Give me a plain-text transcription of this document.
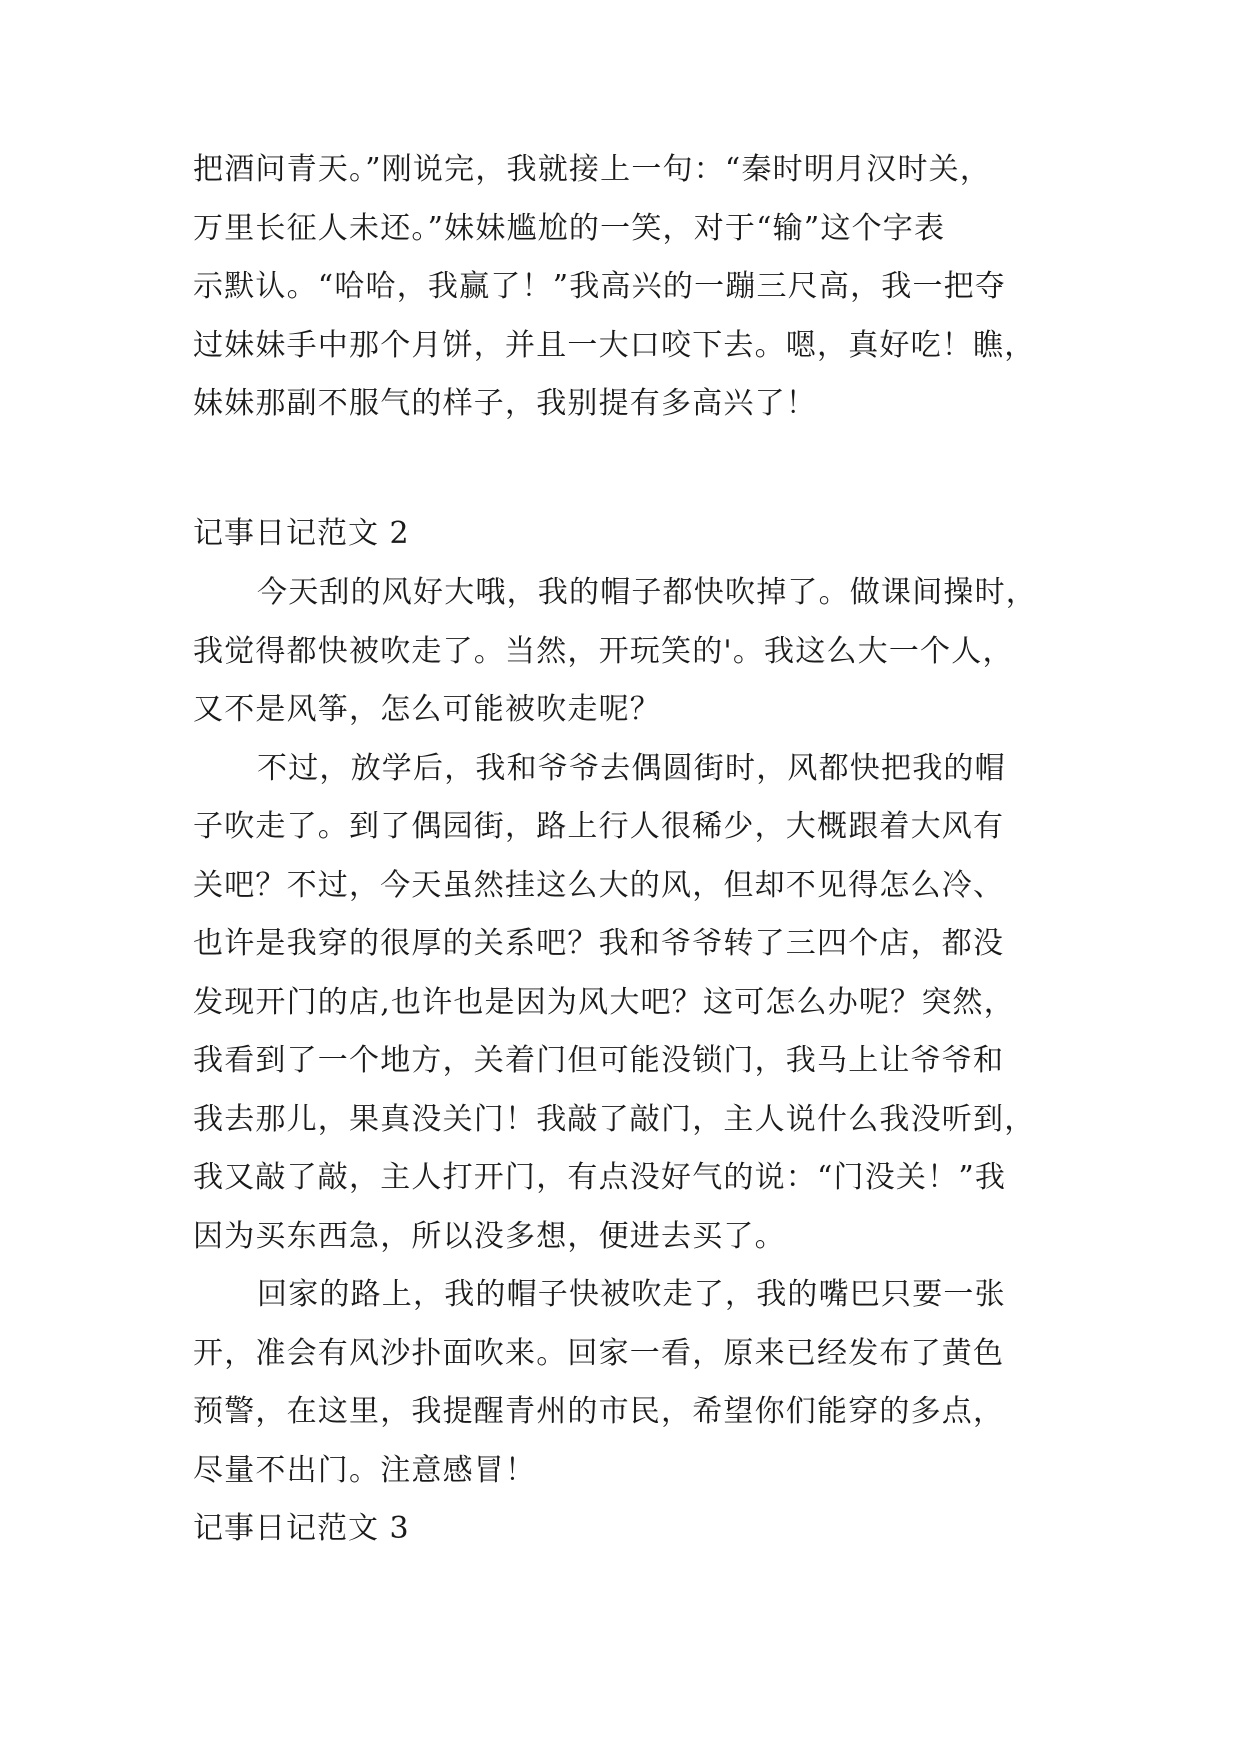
把酒问青天。”刚说完，我就接上一句：“秦时明月汉时关，
万里长征人未还。”妹妹尴尬的一笑，对于“输”这个字表
示默认。“哈哈，我赢了！”我高兴的一蹦三尺高，我一把夺
过妹妹手中那个月饼，并且一大口咬下去。嗯，真好吃！瞧，
妹妹那副不服气的样子，我别提有多高兴了！
记事日记范文 2
今天刮的风好大哦，我的帽子都快吹掉了。做课间操时，
我觉得都快被吹走了。当然，开玩笑的'。我这么大一个人，
又不是风筝，怎么可能被吹走呢？
不过，放学后，我和爷爷去偶圆街时，风都快把我的帽
子吹走了。到了偶园街，路上行人很稀少，大概跟着大风有
关吧？不过，今天虽然挂这么大的风，但却不见得怎么冷、
也许是我穿的很厚的关系吧？我和爷爷转了三四个店，都没
发现开门的店,也许也是因为风大吧？这可怎么办呢？突然，
我看到了一个地方，关着门但可能没锁门，我马上让爷爷和
我去那儿，果真没关门！我敲了敲门，主人说什么我没听到，
我又敲了敲，主人打开门，有点没好气的说：“门没关！”我
因为买东西急，所以没多想，便进去买了。
回家的路上，我的帽子快被吹走了，我的嘴巴只要一张
开，准会有风沙扑面吹来。回家一看，原来已经发布了黄色
预警，在这里，我提醒青州的市民，希望你们能穿的多点，
尽量不出门。注意感冒！
记事日记范文 3
